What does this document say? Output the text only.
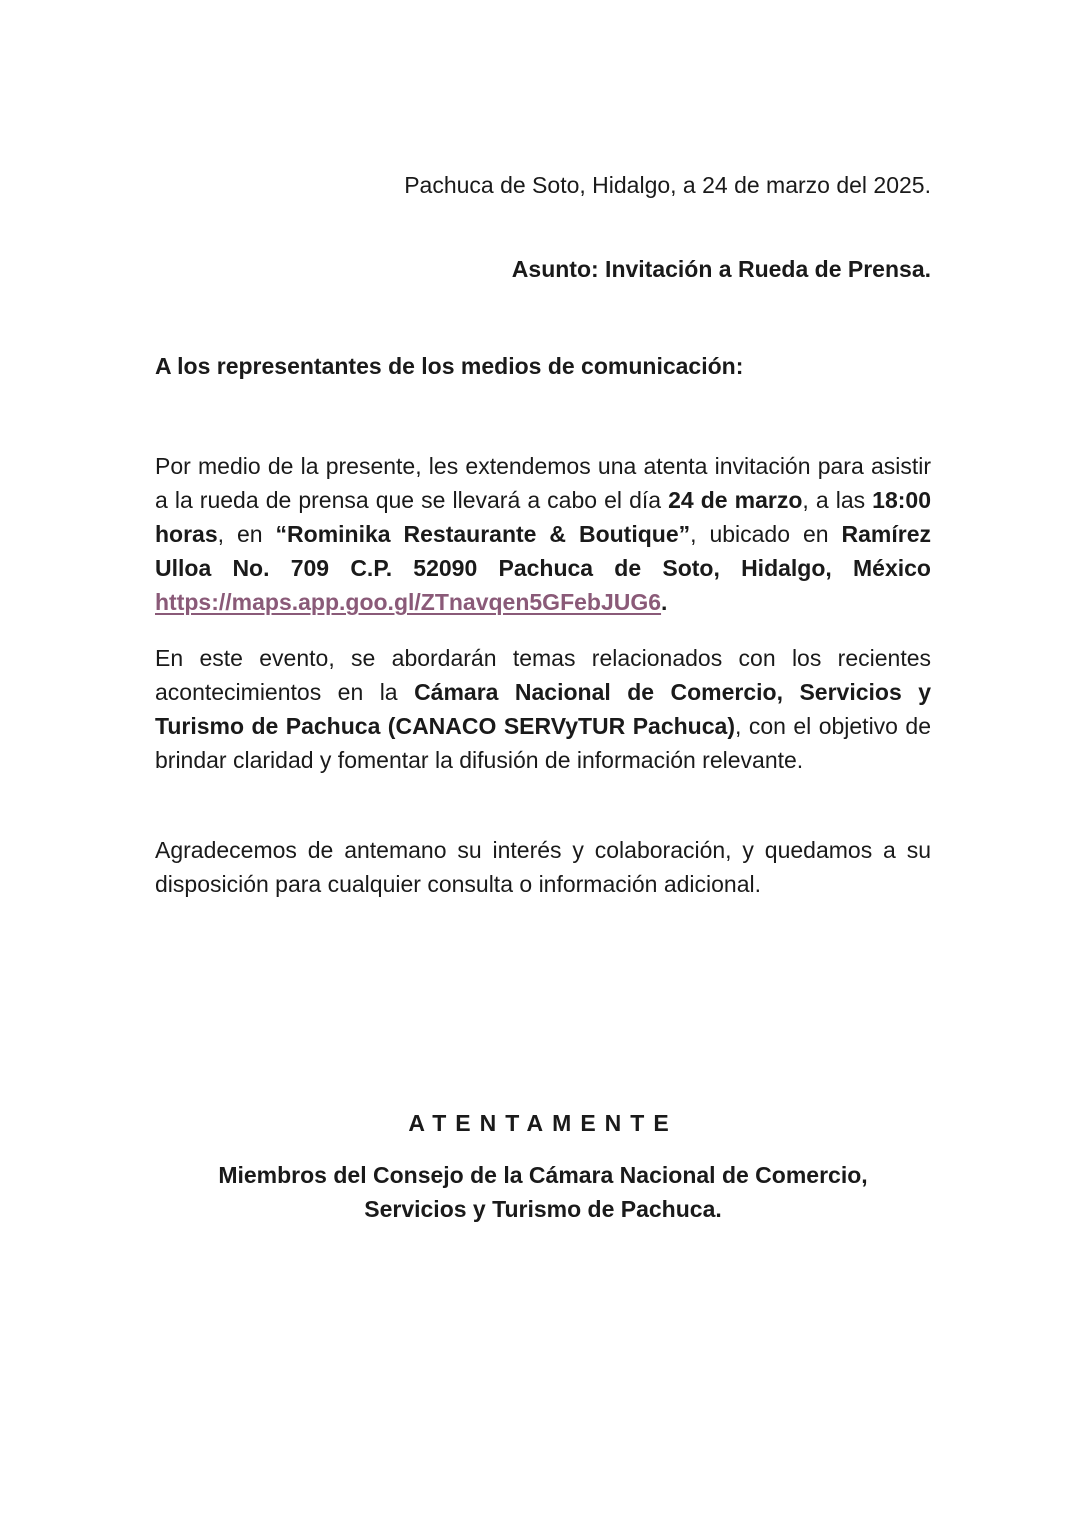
Pachuca de Soto, Hidalgo, a 24 de marzo del 2025.
Asunto: Invitación a Rueda de Prensa.
A los representantes de los medios de comunicación:

Por medio de la presente, les extendemos una atenta invitación para asistir a la rueda de prensa que se llevará a cabo el día 24 de marzo, a las 18:00 horas, en “Rominika Restaurante & Boutique”, ubicado en Ramírez Ulloa No. 709 C.P. 52090 Pachuca de Soto, Hidalgo, México https://maps.app.goo.gl/ZTnavqen5GFebJUG6.

En este evento, se abordarán temas relacionados con los recientes acontecimientos en la Cámara Nacional de Comercio, Servicios y Turismo de Pachuca (CANACO SERVyTUR Pachuca), con el objetivo de brindar claridad y fomentar la difusión de información relevante.

Agradecemos de antemano su interés y colaboración, y quedamos a su disposición para cualquier consulta o información adicional.

ATENTAMENTE
Miembros del Consejo de la Cámara Nacional de Comercio,
Servicios y Turismo de Pachuca.
